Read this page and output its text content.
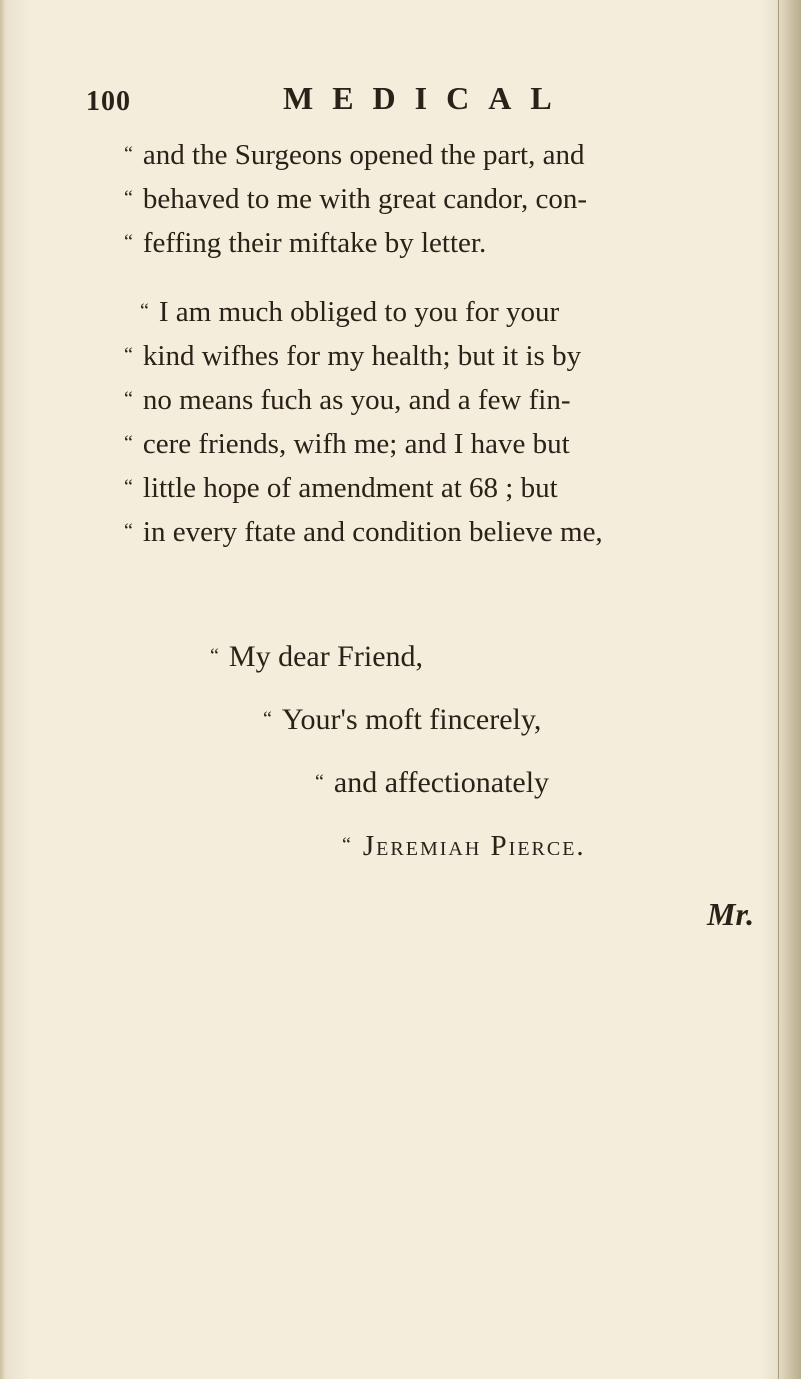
100	MEDICAL
“ and the Surgeons opened the part, and
“ behaved to me with great candor, con-
“ feffing their miftake by letter.
“ I am much obliged to you for your
“ kind wifhes for my health; but it is by
“ no means fuch as you, and a few fin-
“ cere friends, wifh me; and I have but
“ little hope of amendment at 68 ; but
“ in every ftate and condition believe me,
“ My dear Friend,
“ Your's moft fincerely,
“ and affectionately
“ Jeremiah Pierce.
Mr.
